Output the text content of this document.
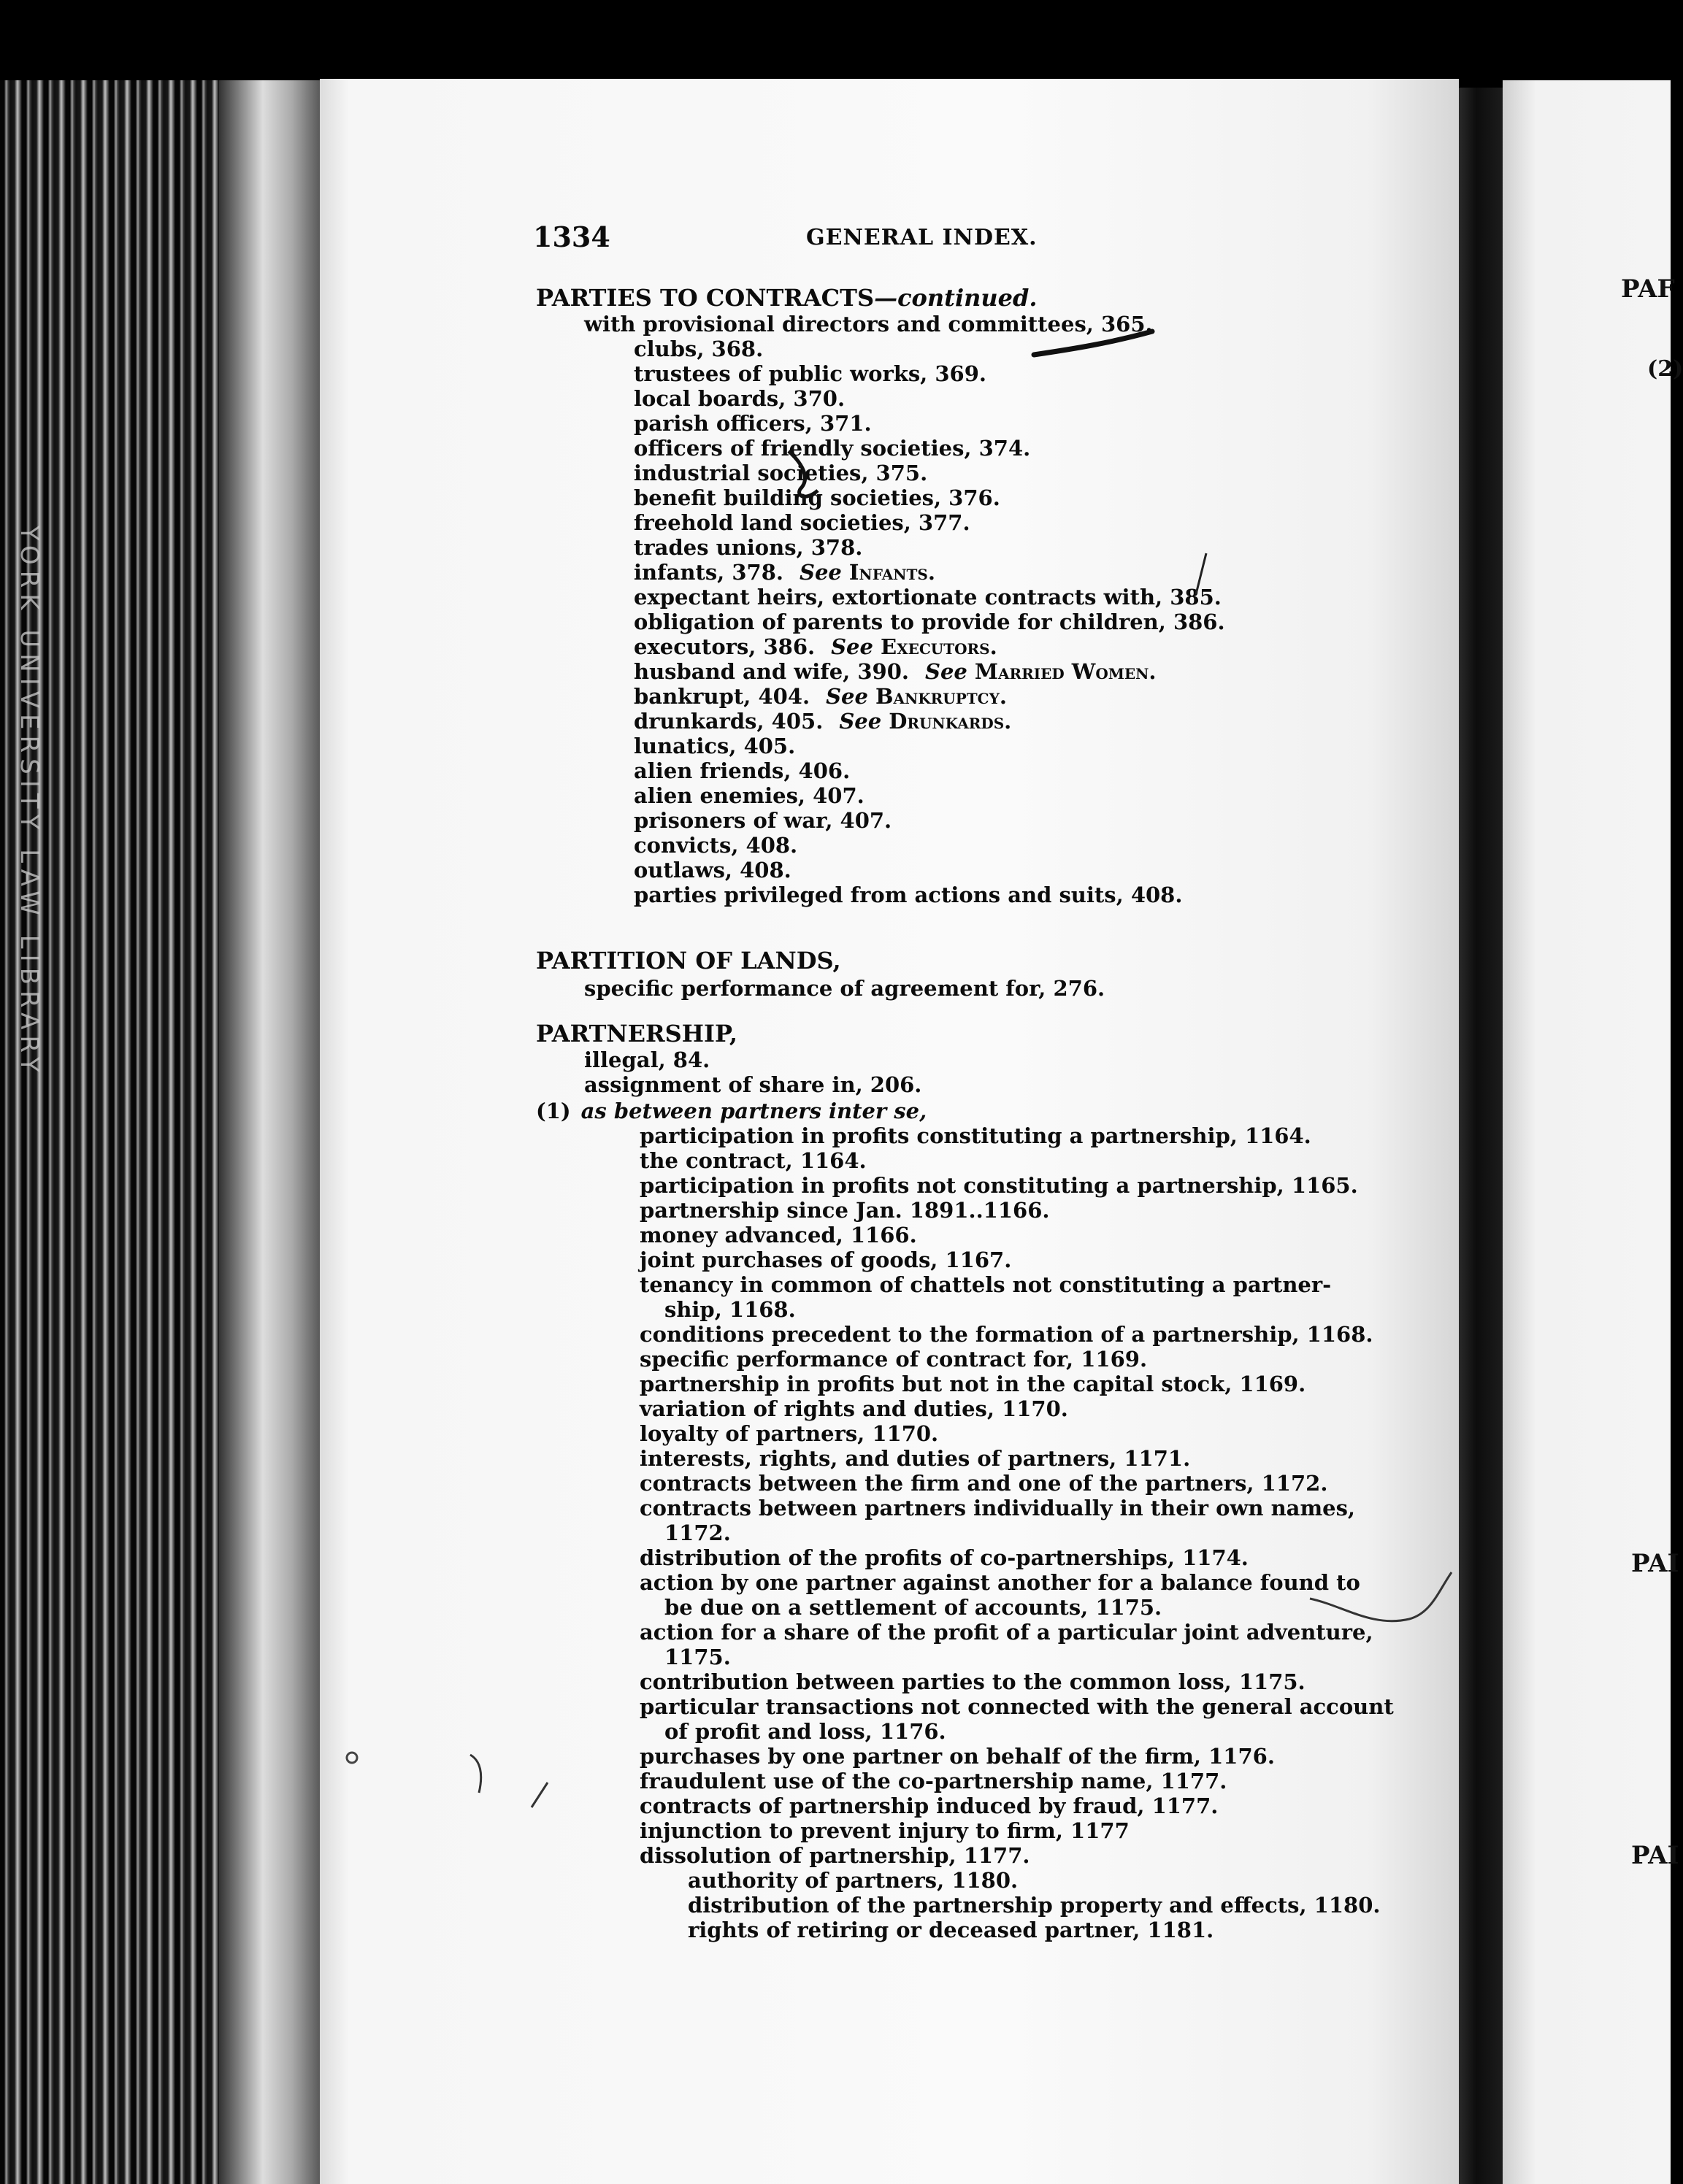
YORK UNIVERSITY LAW LIBRARY
PAF
(2)
PAI
PAI
1334	GENERAL INDEX.
PARTIES TO CONTRACTS—continued.
with provisional directors and committees, 365.
clubs, 368.
trustees of public works, 369.
local boards, 370.
parish officers, 371.
officers of friendly societies, 374.
industrial societies, 375.
benefit building societies, 376.
freehold land societies, 377.
trades unions, 378.
infants, 378. See Infants.
expectant heirs, extortionate contracts with, 385.
obligation of parents to provide for children, 386.
executors, 386. See Executors.
husband and wife, 390. See Married Women.
bankrupt, 404. See Bankruptcy.
drunkards, 405. See Drunkards.
lunatics, 405.
alien friends, 406.
alien enemies, 407.
prisoners of war, 407.
convicts, 408.
outlaws, 408.
parties privileged from actions and suits, 408.
PARTITION OF LANDS,
specific performance of agreement for, 276.
PARTNERSHIP,
illegal, 84.
assignment of share in, 206.
(1) as between partners inter se,
participation in profits constituting a partnership, 1164.
the contract, 1164.
participation in profits not constituting a partnership, 1165.
partnership since Jan. 1891..1166.
money advanced, 1166.
joint purchases of goods, 1167.
tenancy in common of chattels not constituting a partner-
ship, 1168.
conditions precedent to the formation of a partnership, 1168.
specific performance of contract for, 1169.
partnership in profits but not in the capital stock, 1169.
variation of rights and duties, 1170.
loyalty of partners, 1170.
interests, rights, and duties of partners, 1171.
contracts between the firm and one of the partners, 1172.
contracts between partners individually in their own names,
1172.
distribution of the profits of co-partnerships, 1174.
action by one partner against another for a balance found to
be due on a settlement of accounts, 1175.
action for a share of the profit of a particular joint adventure,
1175.
contribution between parties to the common loss, 1175.
particular transactions not connected with the general account
of profit and loss, 1176.
purchases by one partner on behalf of the firm, 1176.
fraudulent use of the co-partnership name, 1177.
contracts of partnership induced by fraud, 1177.
injunction to prevent injury to firm, 1177
dissolution of partnership, 1177.
authority of partners, 1180.
distribution of the partnership property and effects, 1180.
rights of retiring or deceased partner, 1181.
